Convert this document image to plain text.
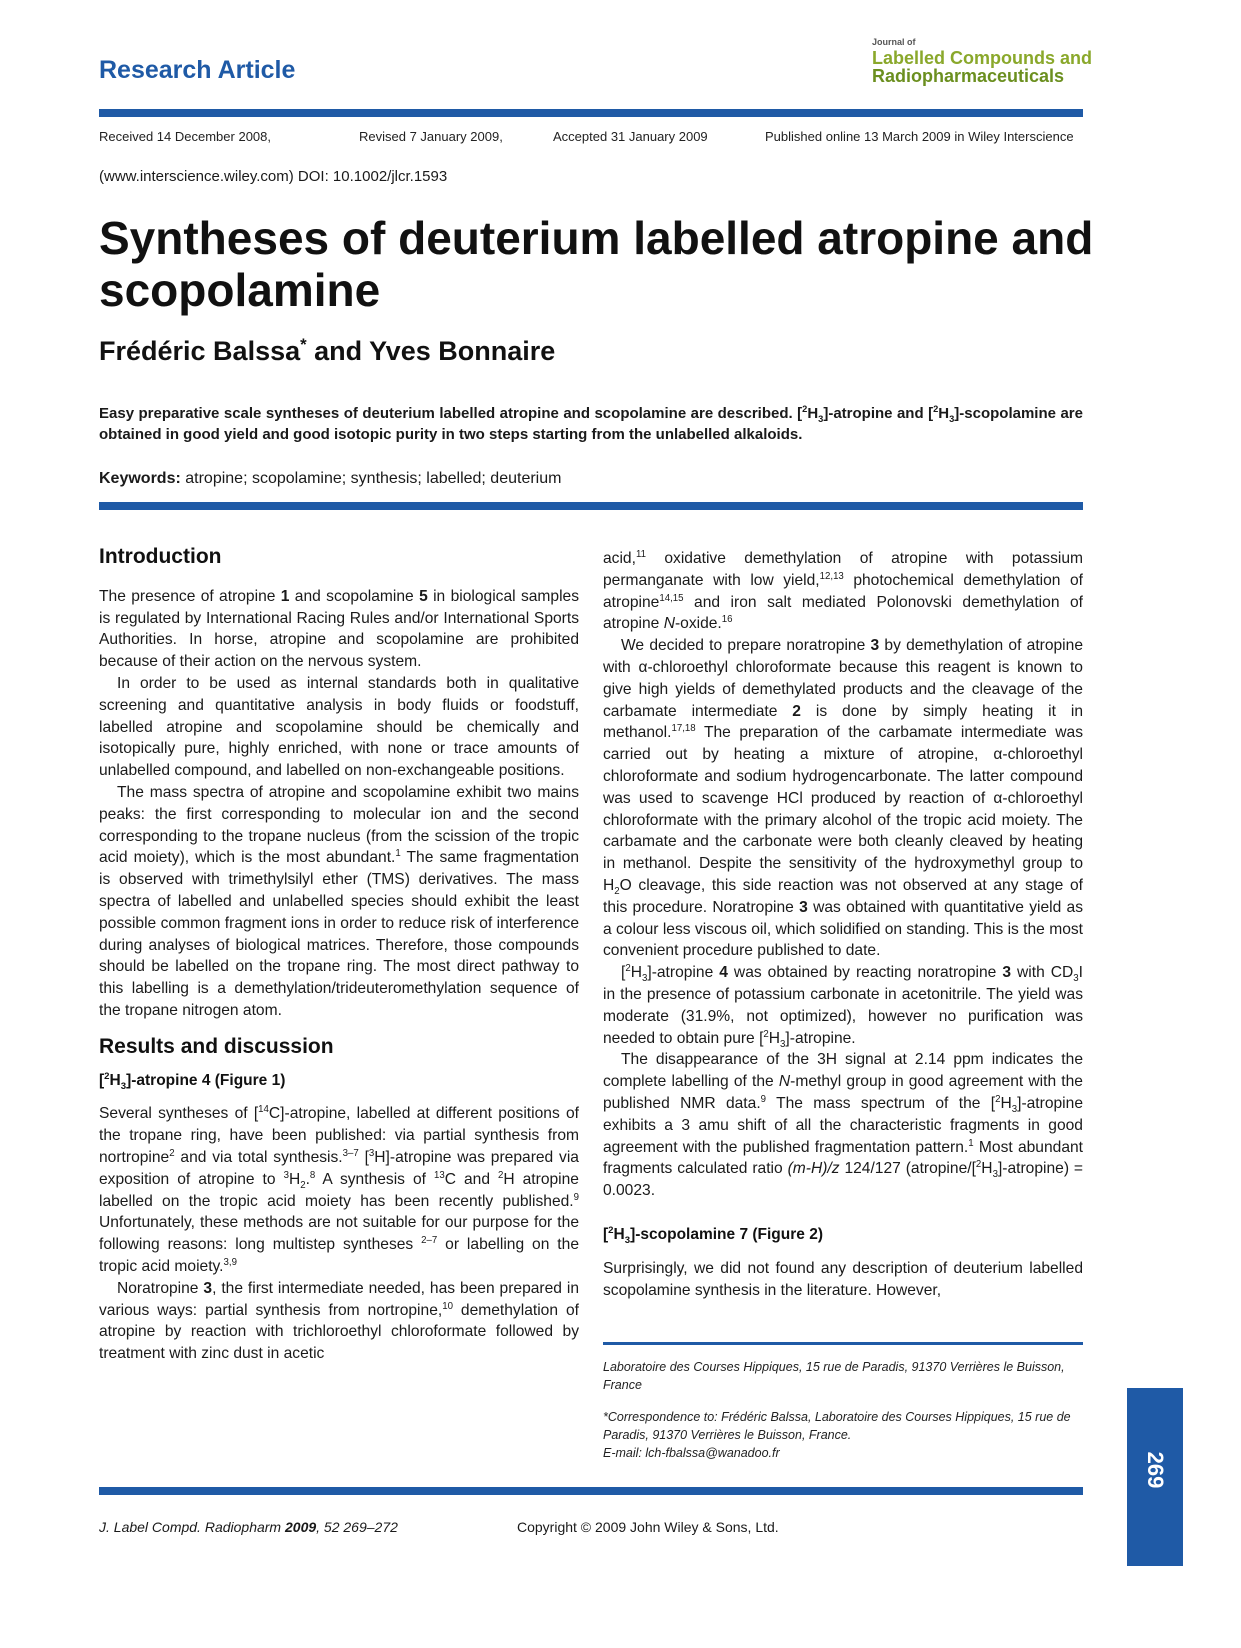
Research Article
Journal of
Labelled Compounds and
Radiopharmaceuticals
Received 14 December 2008,	Revised 7 January 2009,	Accepted 31 January 2009	Published online 13 March 2009 in Wiley Interscience
(www.interscience.wiley.com) DOI: 10.1002/jlcr.1593
Syntheses of deuterium labelled atropine and scopolamine
Frédéric Balssa* and Yves Bonnaire
Easy preparative scale syntheses of deuterium labelled atropine and scopolamine are described. $[^2H_3]$-atropine and $[^2H_3]$-scopolamine are obtained in good yield and good isotopic purity in two steps starting from the unlabelled alkaloids.
Keywords: atropine; scopolamine; synthesis; labelled; deuterium
Introduction

The presence of atropine 1 and scopolamine 5 in biological samples is regulated by International Racing Rules and/or International Sports Authorities. In horse, atropine and scopolamine are prohibited because of their action on the nervous system.

In order to be used as internal standards both in qualitative screening and quantitative analysis in body fluids or foodstuff, labelled atropine and scopolamine should be chemically and isotopically pure, highly enriched, with none or trace amounts of unlabelled compound, and labelled on non-exchangeable positions.

The mass spectra of atropine and scopolamine exhibit two mains peaks: the first corresponding to molecular ion and the second corresponding to the tropane nucleus (from the scission of the tropic acid moiety), which is the most abundant.$^1$ The same fragmentation is observed with trimethylsilyl ether (TMS) derivatives. The mass spectra of labelled and unlabelled species should exhibit the least possible common fragment ions in order to reduce risk of interference during analyses of biological matrices. Therefore, those compounds should be labelled on the tropane ring. The most direct pathway to this labelling is a demethylation/trideuteromethylation sequence of the tropane nitrogen atom.

Results and discussion
$[^2H_3]$-atropine 4 (Figure 1)

Several syntheses of [$^{14}$C]-atropine, labelled at different positions of the tropane ring, have been published: via partial synthesis from nortropine$^2$ and via total synthesis.$^{3-7}$ [$^3$H]-atropine was prepared via exposition of atropine to $^3H_2.^8$ A synthesis of $^{13}$C and $^2$H atropine labelled on the tropic acid moiety has been recently published.$^9$ Unfortunately, these methods are not suitable for our purpose for the following reasons: long multistep syntheses $^{2-7}$ or labelling on the tropic acid moiety.$^{3,9}$

Noratropine 3, the first intermediate needed, has been prepared in various ways: partial synthesis from nortropine,$^{10}$ demethylation of atropine by reaction with trichloroethyl chloroformate followed by treatment with zinc dust in acetic

acid,$^{11}$ oxidative demethylation of atropine with potassium permanganate with low yield,$^{12,13}$ photochemical demethylation of atropine$^{14,15}$ and iron salt mediated Polonovski demethylation of atropine N-oxide.$^{16}$

We decided to prepare noratropine 3 by demethylation of atropine with α-chloroethyl chloroformate because this reagent is known to give high yields of demethylated products and the cleavage of the carbamate intermediate 2 is done by simply heating it in methanol.$^{17,18}$ The preparation of the carbamate intermediate was carried out by heating a mixture of atropine, α-chloroethyl chloroformate and sodium hydrogencarbonate. The latter compound was used to scavenge HCl produced by reaction of α-chloroethyl chloroformate with the primary alcohol of the tropic acid moiety. The carbamate and the carbonate were both cleanly cleaved by heating in methanol. Despite the sensitivity of the hydroxymethyl group to $H_2O$ cleavage, this side reaction was not observed at any stage of this procedure. Noratropine 3 was obtained with quantitative yield as a colour less viscous oil, which solidified on standing. This is the most convenient procedure published to date.

$[^2H_3]$-atropine 4 was obtained by reacting noratropine 3 with $CD_3I$ in the presence of potassium carbonate in acetonitrile. The yield was moderate (31.9%, not optimized), however no purification was needed to obtain pure $[^2H_3]$-atropine.

The disappearance of the 3H signal at 2.14 ppm indicates the complete labelling of the N-methyl group in good agreement with the published NMR data.$^9$ The mass spectrum of the $[^2H_3]$-atropine exhibits a 3 amu shift of all the characteristic fragments in good agreement with the published fragmentation pattern.$^1$ Most abundant fragments calculated ratio (m-H)/z 124/127 $(atropine/[^2H_3]-atropine) = 0.0023$.

$[^2H_3]$-scopolamine 7 (Figure 2)

Surprisingly, we did not found any description of deuterium labelled scopolamine synthesis in the literature. However,

Laboratoire des Courses Hippiques, 15 rue de Paradis, 91370 Verrières le Buisson, France

*Correspondence to: Frédéric Balssa, Laboratoire des Courses Hippiques, 15 rue de Paradis, 91370 Verrières le Buisson, France.

E-mail: lch-fbalssa@wanadoo.fr

J. Label Compd. Radiopharm 2009, 52 269–272	Copyright © 2009 John Wiley & Sons, Ltd.
269
